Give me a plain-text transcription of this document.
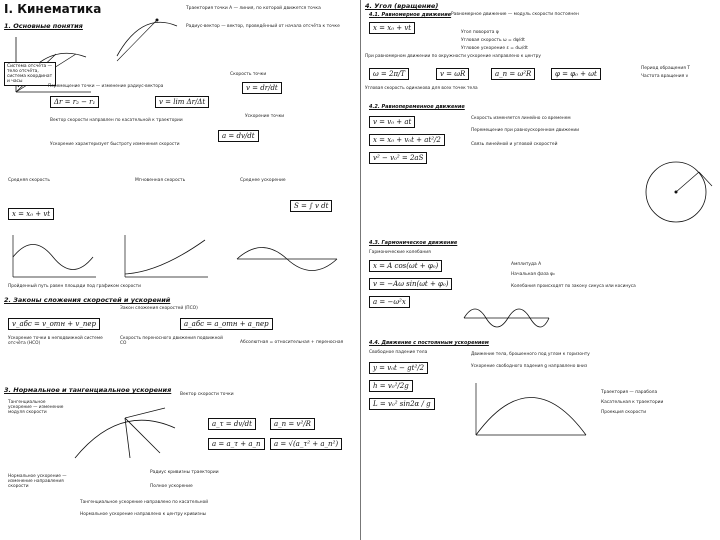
I. Кинематика
1. Основные понятия
Система отсчёта — тело отсчёта, система координат и часы
Траектория точки A — линия, по которой движется точка
Радиус-вектор — вектор, проведённый от начала отсчёта к точке
Перемещение точки — изменение радиус-вектора
Δr = r₂ − r₁	v = lim Δr/Δt
Скорость точки
v = dr/dt
Ускорение точки
a = dv/dt
Вектор скорости направлен по касательной к траектории
Ускорение характеризует быстроту изменения скорости
Средняя скорость
x = x₀ + vt
Мгновенная скорость	Среднее ускорение
S = ∫ v dt
Пройденный путь равен площади под графиком скорости
2. Законы сложения скоростей и ускорений
Закон сложения скоростей (ПСО)
v_абс = v_отн + v_пер	a_абс = a_отн + a_пер
Ускорение точки в неподвижной системе отсчёта (НСО)
Скорость переносного движения подвижной СО	Абсолютная = относительная + переносная
3. Нормальное и тангенциальное ускорения
Вектор скорости точки
Тангенциальное ускорение — изменение модуля скорости
Нормальное ускорение — изменение направления скорости
a_τ = dv/dt	a_n = v²/R
a = a_τ + a_n	a = √(a_τ² + a_n²)
Радиус кривизны траектории
Полное ускорение
Тангенциальное ускорение направлено по касательной
Нормальное ускорение направлено к центру кривизны
4. Угол (вращение)
4.1. Равномерное движение
x = x₀ + vt
Равномерное движение — модуль скорости постоянен
Угол поворота φ
Угловая скорость ω = dφ/dt
Угловое ускорение ε = dω/dt
При равномерном движении по окружности ускорение направлено к центру
ω = 2π/T	v = ωR	a_n = ω²R	φ = φ₀ + ωt
Период обращения T
Частота вращения ν
Угловая скорость одинакова для всех точек тела
4.2. Равнопеременное движение
v = v₀ + at
x = x₀ + v₀t + at²/2
v² − v₀² = 2aS
Скорость изменяется линейно со временем
Перемещение при равноускоренном движении
Связь линейной и угловой скоростей
4.3. Гармоническое движение
Гармонические колебания
x = A cos(ωt + φ₀)
v = −Aω sin(ωt + φ₀)
a = −ω²x
Амплитуда A
Начальная фаза φ₀
Колебания происходят по закону синуса или косинуса
4.4. Движение с постоянным ускорением
Свободное падение тела
y = v₀t − gt²/2
h = v₀²/2g
L = v₀² sin2α / g
Движение тела, брошенного под углом к горизонту
Ускорение свободного падения g направлено вниз
Траектория — парабола
Касательная к траектории
Проекция скорости
